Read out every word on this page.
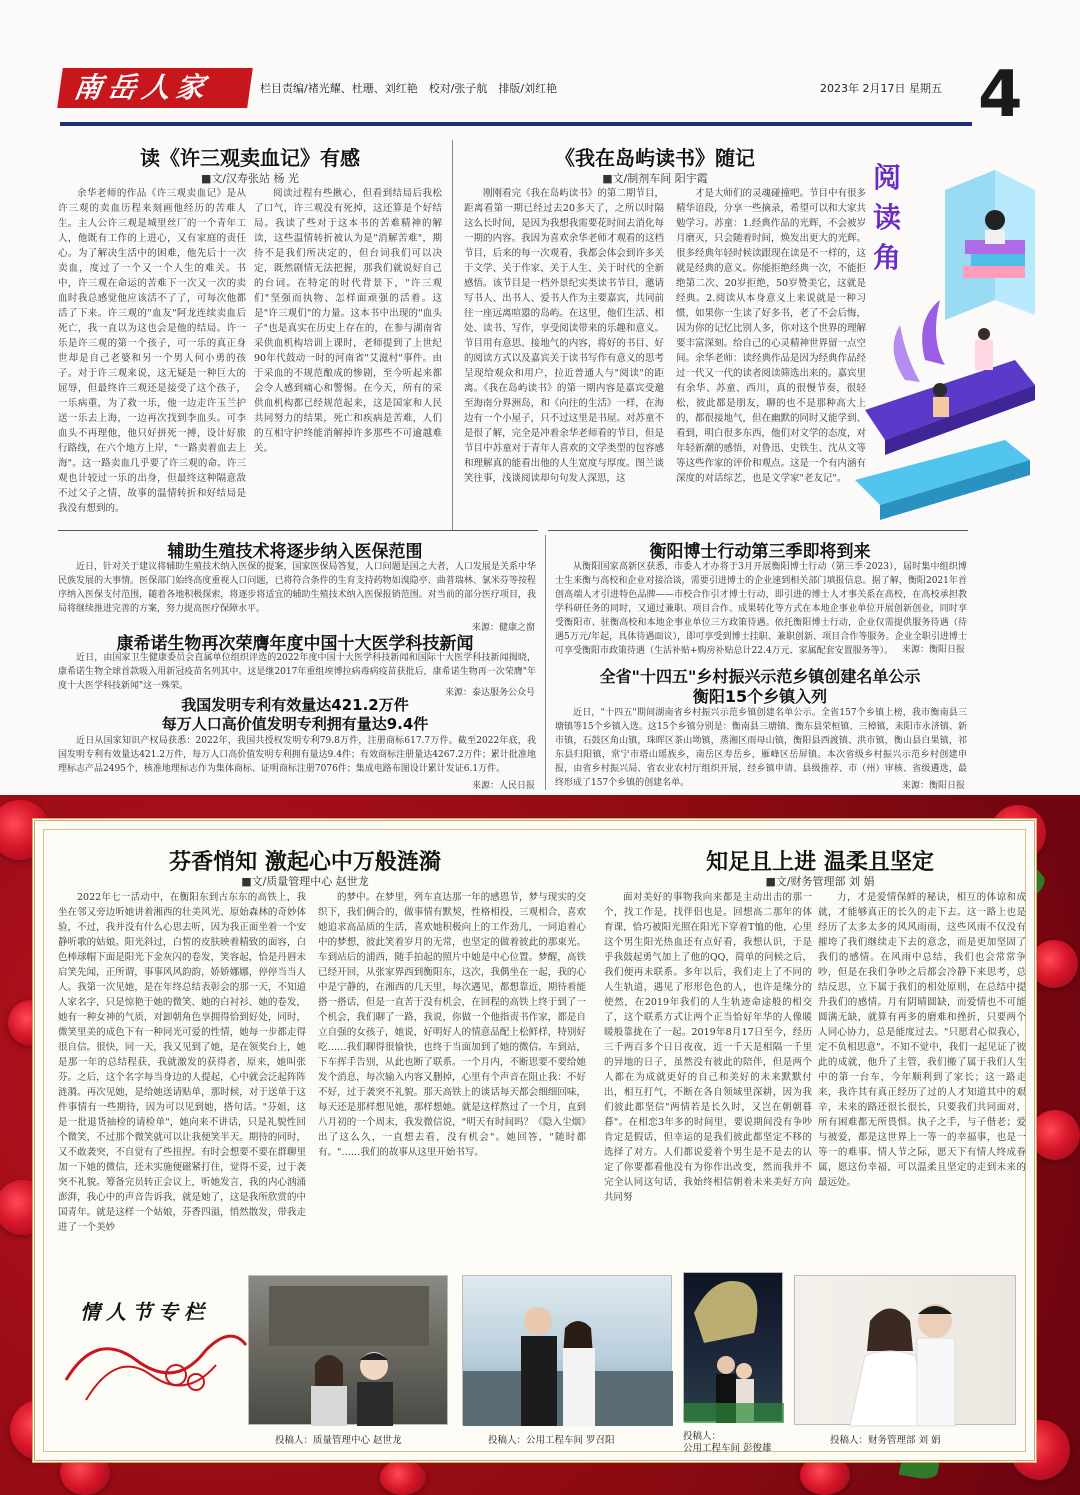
南岳人家	栏目责编/褚光耀、杜珊、刘红艳　校对/张子航　排版/刘红艳	2023年 2月17日 星期五 4
读《许三观卖血记》有感
■文/汉寿张站 杨 光
余华老师的作品《许三观卖血记》是从许三观的卖血历程来刻画他经历的苦难人生。主人公许三观是城里丝厂的一个青年工人，他既有工作的上进心，又有家庭的责任心。为了解决生活中的困难，他先后十一次卖血，度过了一个又一个人生的难关。书中，许三观在命运的苦难下一次又一次的卖血时我总感觉他应该活不了了，可每次他都活了下来。许三观的"血友"阿龙连续卖血后死亡，我一直以为这也会是他的结局。许一乐是许三观的第一个孩子，可一乐的真正身世却是自己老婆和另一个男人何小勇的孩子。对于许三观来说，这无疑是一种巨大的屈辱，但最终许三观还是接受了这个孩子，一乐病重，为了救一乐，他一边走许玉兰护送一乐去上海，一边再次找到李血头。可李血头不再理他，他只好拼死一搏，设计好旅行路线，在六个地方上岸，"一路卖着血去上海"。这一路卖血几乎要了许三观的命。许三观也计较过一乐的出身，但最终这种隔意敌不过父子之情，故事的温情转折和好结局是我没有想到的。
阅读过程有些揪心，但看到结局后我松了口气，许三观没有死掉，这还算是个好结局。我读了些对于这本书的苦难精神的解读，这些温情转折被认为是"消解苦难"，期待不是我们所决定的，但台词我们可以决定，既然剧情无法把握，那我们就说好自己的台词。在特定的时代背景下，"许三观们"坚强而执物、怎样面顽强的活着。这是"许三观们"的力量。这本书中出现的"血头子"也是真实在历史上存在的，在参与湖南省采供血机构培训上课时，老师提到了上世纪90年代鼓动一时的河南省"艾滋村"事件。由于采血的不规范酿成的惨剧，至今听起来都会令人感到痛心和警惕。在今天，所有的采供血机构都已经规范起来，这是国家和人民共同努力的结果，死亡和疾病是苦难，人们的互相守护终能消解掉许多那些不可逾越难关。
《我在岛屿读书》随记
■文/制剂车间 阳宇霞
刚刚看完《我在岛屿读书》的第二期节目，距离看第一期已经过去20多天了，之所以时隔这么长时间，是因为我想我需要花时间去消化每一期的内容。我因为喜欢余华老师才观看的这档节目，后来的每一次观看，我都会体会到许多关于文学、关于作家、关于人生、关于时代的全新感悟。该节目是一档外景纪实类读书节目，邀请写书人、出书人、爱书人作为主要嘉宾，共同前往一座远离喧嚣的岛屿。在这里，他们生活、相处、读书、写作，享受阅读带来的乐趣和意义。节目用有意思、接地气的内容，将好的书目、好的阅读方式以及嘉宾关于读书写作有意义的思考呈现给观众和用户，拉近普通人与"阅读"的距离。《我在岛屿读书》的第一期内容是嘉宾受邀至海南分界洲岛，和《向往的生活》一样，在海边有一个小屋子，只不过这里是书屋。对苏童不是很了解，完全是冲着余华老师看的节目，但是节目中苏童对于青年人喜欢的文学类型的包容感和理解真的能看出他的人生宽度与厚度。图兰谈笑往事，浅谈阅读却句句发人深思，这
才是大师们的灵魂碰撞吧。节目中有很多精华语段，分享一些摘录，希望可以和大家共勉学习。苏童：1.经典作品的光辉，不会被岁月磨灭，只会随着时间，焕发出更大的光辉。很多经典年轻时候读跟现在读是不一样的，这就是经典的意义。你能拒绝经典一次，不能拒绝第二次、20岁拒绝，50岁赞美它，这就是经典。2.阅读从本身意义上来说就是一种习惯，如果你一生读了好多书，老了不会后悔，因为你的记忆比别人多，你对这个世界的理解要丰富深刻。给自己的心灵精神世界留一点空间。余华老师：读经典作品是因为经典作品经过一代又一代的读者阅读筛选出来的。嘉宾里有余华、苏童、西川，真的很慢节奏，很轻松，彼此都是朋友，聊的也不是那种高大上的，都很接地气，但在幽默的同时又能学到、看到，明白很多东西，他们对文学的态度，对年轻新潮的感悟，对鲁迅、史铁生、沈从文等等这些作家的评价和观点。这是一个有内涵有深度的对话综艺，也是文学家"老友记"。
阅
读
角
辅助生殖技术将逐步纳入医保范围
近日，针对关于建议将辅助生殖技术纳入医保的提案，国家医保局答复，人口问题是国之大者，人口发展是关系中华民族发展的大事情。医保部门始终高度重视人口问题，已将符合条件的生育支持药物如溴隐亭、曲普瑞林、氯米芬等按程序纳入医保支付范围，随着各地积极探索，将逐步将适宜的辅助生殖技术纳入医保报销范围。对当前的部分医疗项目，我局将继续推进完善的方案，努力提高医疗保障水平。
来源：健康之窗
康希诺生物再次荣膺年度中国十大医学科技新闻
近日，由国家卫生健康委员会直属单位组织评选的2022年度中国十大医学科技新闻和国际十大医学科技新闻揭晓，康希诺生物全球首款吸入用新冠疫苗名列其中。这是继2017年重组埃博拉病毒病疫苗获批后，康希诺生物再一次荣膺"年度十大医学科技新闻"这一殊荣。
来源：泰达服务公众号
我国发明专利有效量达421.2万件
每万人口高价值发明专利拥有量达9.4件
近日从国家知识产权局获悉：2022年，我国共授权发明专利79.8万件，注册商标617.7万件。截至2022年底，我国发明专利有效量达421.2万件，每万人口高价值发明专利拥有量达9.4件；有效商标注册量达4267.2万件；累计批准地理标志产品2495个，核准地理标志作为集体商标、证明商标注册7076件；集成电路布图设计累计发证6.1万件。
来源：人民日报
衡阳博士行动第三季即将到来
从衡阳国家高新区获悉，市委人才办将于3月开展衡阳博士行动（第三季·2023），届时集中组织博士生来衡与高校和企业对接洽谈，需要引进博士的企业速到相关部门填报信息。据了解，衡阳2021年首创高端人才引进特色品牌——市校合作引才博士行动，即引进的博士人才事关系在高校，在高校承担教学科研任务的同时，又通过兼职、项目合作、成果转化等方式在本地企事业单位开展创新创业，同时享受衡阳市、驻衡高校和本地企事业单位三方政策待遇。依托衡阳博士行动，企业仅需提供服务待遇（待遇5万元/年起，具体待遇面议），即可享受到博士挂职、兼职创新、项目合作等服务。企业全职引进博士可享受衡阳市政策待遇（生活补贴+购房补贴总计22.4万元、家属配套安置服务等）。 来源：衡阳日报
全省"十四五"乡村振兴示范乡镇创建名单公示
衡阳15个乡镇入列
近日，"十四五"期间湖南省乡村振兴示范乡镇创建名单公示。全省157个乡镇上榜，我市衡南县三塘镇等15个乡镇入选。这15个乡镇分别是：衡南县三塘镇、衡东县荣桓镇、三樟镇，耒阳市永济镇、新市镇，石鼓区角山镇，珠晖区茶山坳镇，蒸湘区雨母山镇，衡阳县西渡镇、洪市镇，衡山县白果镇，祁东县归阳镇，常宁市塔山瑶族乡，南岳区寿岳乡，雁峰区岳屏镇。本次省级乡村振兴示范乡村创建申报，由省乡村振兴局、省农业农村厅组织开展，经乡镇申请、县级推荐、市（州）审核、省级遴选，最终形成了157个乡镇的创建名单。	来源：衡阳日报
芬香悄知 激起心中万般涟漪
■文/质量管理中心 赵世龙
2022年七一活动中，在衡阳东到古东东的高铁上，我坐在邻又旁边听她讲着湘西的壮美风光、原始森林的奇妙体验，不过，我并没有什么心思去听，因为我正面坐着一个安静听歌的姑娘。阳光斜过，白皙的皮肤映着精致的面容，白色棒球帽下面是阳光下金灰闪的卷发，笑容起，恰是丹唇未启笑先闻，正所谓，事事风风韵韵，娇娇娜娜，停停当当人人。我第一次见她，是在年终总结表彰会的那一天，不知道人家名字，只是惊艳于她的微笑、她的白衬衫、她的卷发，她有一种女神的气质，对卸朝角色享拥得恰到好处，同时，微笑里美的成色下有一种同光可爱的性情，她每一步都走得很自信。很快，同一天，我又见到了她，是在领奖台上，她是那一年的总结程获，我就激发的获得者，原来，她叫张芬。之后，这个名字每当身边的人提起，心中就会泛起阵阵涟漪。再次见她，是给她送请贴单，那时候，对于送单于这件事情有一些期待，因为可以见到她，搭句话。"芬姐，这是一批退货抽检的请检单"，她向来不讲话，只是礼貌性回个微笑，不过那个微笑就可以让我便笑半天。期待的同时，又不敢袭突，不自觉有了些扭捏。有时会想要不要在群聊里加一下她的微信，还未实施便磁紧打住，觉得不妥，过于袭突不礼貌。筹备完员转正会议上，听她发言，我的内心汹涌澎湃，我心中的声音告诉我，就是她了，这是我所欣赏的中国青年。就是这样一个姑娘，芬香四溢，悄然散发，带我走进了一个美妙
的梦中。在梦里，列车直达那一年的感恩节，梦与现实的交织下，我们俩合的，做事情有默契，性格相投，三观相合，喜欢她追求高品质的生活，喜欢她积极向上的工作劲儿，一同追着心中的梦想，彼此笑着岁月的无常，也坚定的做着彼此的那束光。车到站后的浦西，随手拍起的照片中她是中心位置。梦醒，高铁已经开回，从张家界西到衡阳东，这次，我偶坐在一起，我的心中是宁静的，在湘西的几天里，每次遇见，都想靠近，期待着能搭一搭话，但是一直苦于没有机会，在回程的高铁上终于到了一个机会，我们聊了一路，我说，你做一个他指责书作家，都是自立自强的女孩子，她说，好明好人的情意品配上松鲜样，特别好吃……我们聊得很愉快，也终于当面加到了她的微信。车到站，下车挥手告别，从此也断了联系。一个月内，不断思要不要给她发个消息，每次输入内容又删掉，心里有个声音在阻止我：不好不好，过于袭突不礼貌。那天高铁上的谈话每天都会细细回味，每天还是那样想见她，那样想她。就是这样熬过了一个月，直到八月初的一个周末，我发微信说，"明天有时间吗？《隐入尘烟》出了这么久，一直想去看，没有机会"。她回答，"随时都有。"……我们的故事从这里开始书写。
知足且上进 温柔且坚定
■文/财务管理部 刘 娟
面对美好的事物我向来都是主动出击的那一个，找工作是，找伴侣也是。回想高二那年的体育课，恰巧被阳光照在阳光下穿着T恤的他，心里这个男生阳光热血还有点好看，我想认识，于是乎我鼓起勇气加上了他的QQ，简单的问候之后，我们便再未联系。多年以后，我们走上了不同的人生轨道，遇见了形形色色的人，也许是缘分的使然，在2019年我们的人生轨迹命途般的相交了，这个联系方式让两个正当恰好年华的人像暖暖般靠拢在了一起。2019年8月17日至今，经历三千两百多个日日夜夜，近一千天是相隔一千里的异地的日子，虽然没有彼此的陪伴，但是两个人都在为成就更好的自己和美好的未来默默付出，相互打气，不断在各自领域里深耕，因为我们彼此都坚信"两情若是长久时，又岂在朝朝暮暮"。在相恋3年多的时间里，要说期间没有争吵肯定是假话，但幸运的是我们彼此都坚定不移的选择了对方。人们都说爱着个男生是不是去的认定了你要都看他没有为你作出改变，然而我并不完全认同这句话，我始终相信朝着未来美好方向共同努
力，才是爱情保鲜的秘诀，相互的体谅和成就，才能够真正的长久的走下去。这一路上也是经历了太多太多的风风雨雨，这些风雨不仅没有摧垮了我们继续走下去的意念，而是更加坚固了我们的感情。在风雨中总结，我们也会常常争吵，但是在我们争吵之后都会冷静下来思考，总结反思，立下属于我们的相处原则，在总结中提升我们的感情。月有阴晴圆缺，而爱情也不可能圆满无缺，就算有再多的磨难和挫折，只要两个人同心协力，总是能度过去。"只愿君心似我心，定不负相思意"。不知不觉中，我们一起见证了彼此的成就，他升了主管，我们搬了属于我们人生中的第一台车，今年顺利到了家长；这一路走来，我许其有真正经历了过的人才知道其中的艰辛，未来的路还很长很长，只要我们共同面对，所有困难都无所畏惧。执子之手，与子偕老；爱与被爱，都是这世界上一等一的幸福事，也是一等一的难事。情人节之际，愿天下有情人终成眷属，愿这份幸福，可以温柔且坚定的走到未来的最远处。
情人节专栏
投稿人：质量管理中心 赵世龙	投稿人：公用工程车间 罗召阳	投稿人：
公用工程车间 彭俊雄
投稿人：财务管理部 刘 娟
